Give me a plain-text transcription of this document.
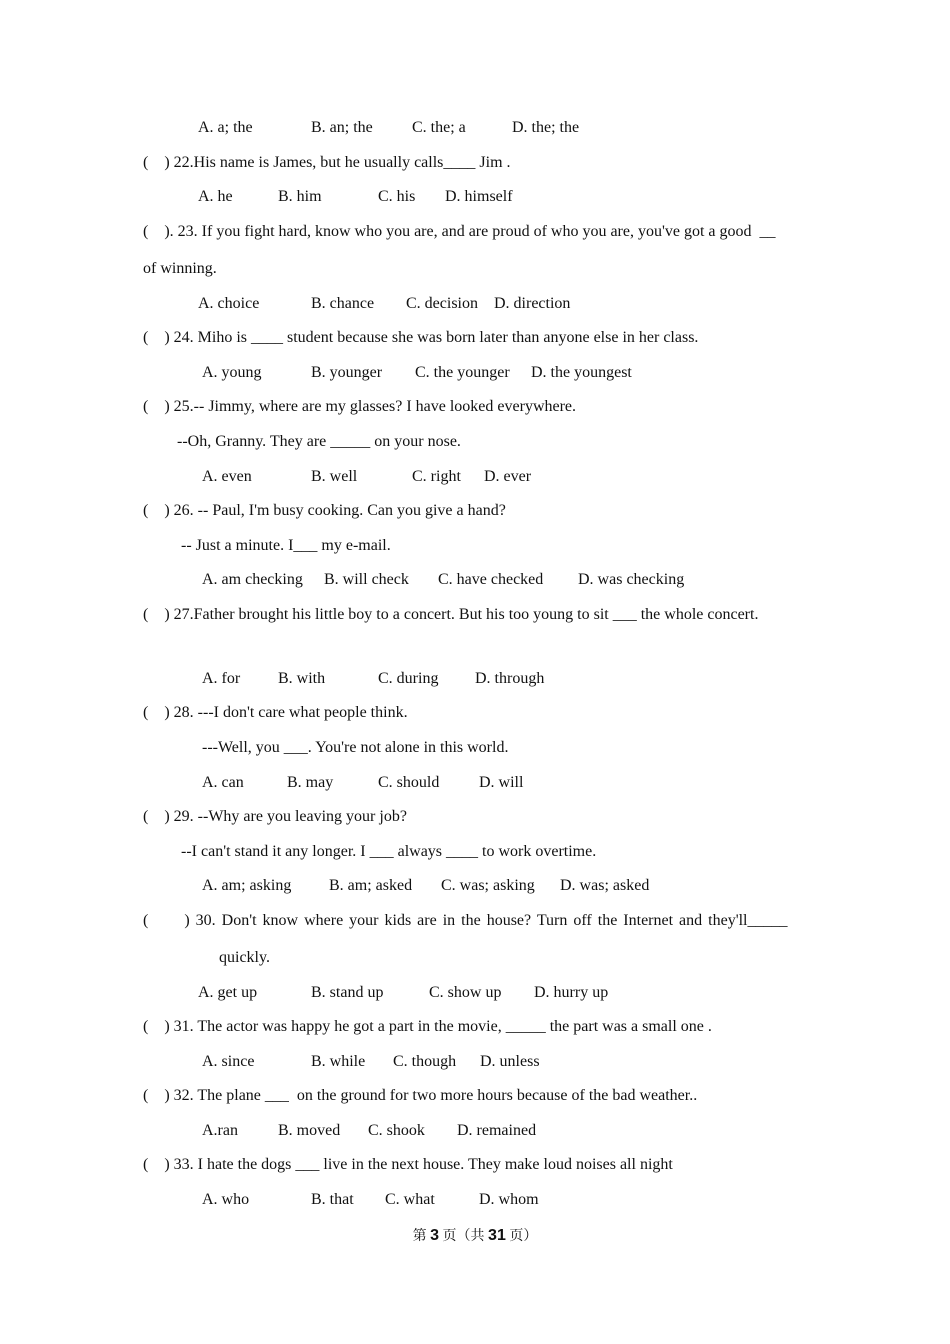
A. a; the	B. an; the C. the; a	D. the; the
(    ) 22.His name is James, but he usually calls____ Jim .
A. he	B. him	C. his D. himself
(    ). 23. If you fight hard, know who you are, and are proud of who you are, you've got a good  __
of winning.
A. choice	B. chance C. decision D. direction
(    ) 24. Miho is ____ student because she was born later than anyone else in her class.
A. young	B. younger C. the younger D. the youngest
(    ) 25.-- Jimmy, where are my glasses? I have looked everywhere.
--Oh, Granny. They are _____ on your nose.
A. even	B. well	C. right D. ever
(    ) 26. -- Paul, I'm busy cooking. Can you give a hand?
-- Just a minute. I___ my e-mail.
A. am checking B. will check C. have checked D. was checking
(    ) 27.Father brought his little boy to a concert. But his too young to sit ___ the whole concert.
A. for B. with	C. during D. through
(    ) 28. ---I don't care what people think.
---Well, you ___. You're not alone in this world.
A. can	B. may	C. should D. will
(    ) 29. --Why are you leaving your job?
--I can't stand it any longer. I ___ always ____ to work overtime.
A. am; asking B. am; asked C. was; asking D. was; asked
(      ) 30. Don't know where your kids are in the house? Turn off the Internet and they'll_____
quickly.
A. get up	B. stand up	C. show up D. hurry up
(    ) 31. The actor was happy he got a part in the movie, _____ the part was a small one .
A. since	B. while C. though D. unless
(    ) 32. The plane ___  on the ground for two more hours because of the bad weather..
A.ran	B. moved C. shook D. remained
(    ) 33. I hate the dogs ___ live in the next house. They make loud noises all night
A. who	B. that C. what	D. whom
第 3 页（共 31 页）
